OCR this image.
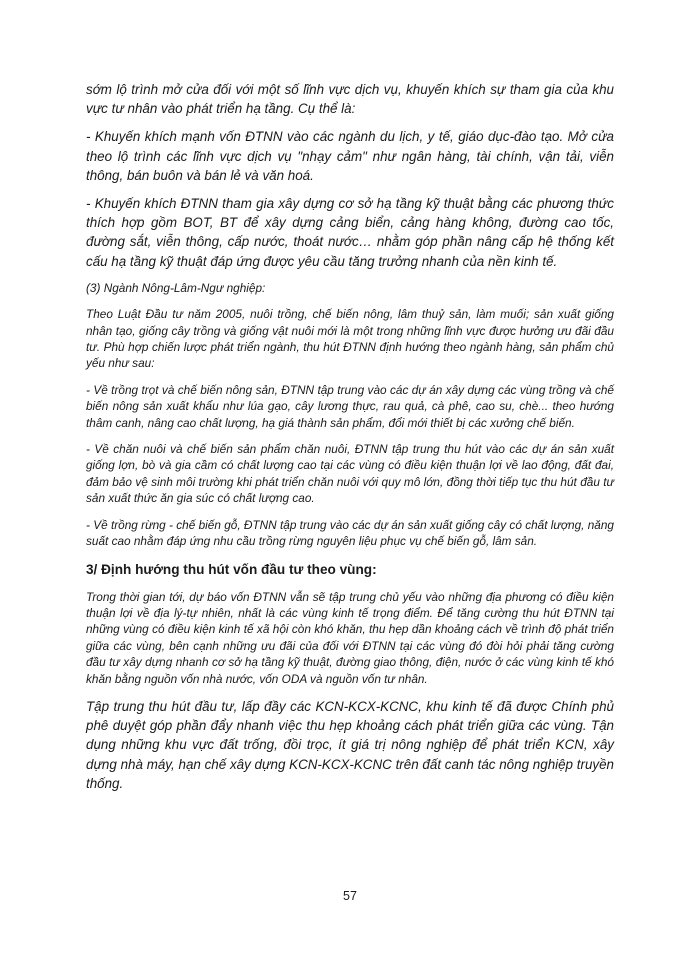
sớm lộ trình mở cửa đối với một số lĩnh vực dịch vụ, khuyến khích sự tham gia của khu vực tư nhân vào phát triển hạ tầng. Cụ thể là:

- Khuyến khích mạnh vốn ĐTNN vào các ngành du lịch, y tế, giáo dục-đào tạo. Mở cửa theo lộ trình các lĩnh vực dịch vụ "nhạy cảm" như ngân hàng, tài chính, vận tải, viễn thông, bán buôn và bán lẻ và văn hoá.

- Khuyến khích ĐTNN tham gia xây dựng cơ sở hạ tầng kỹ thuật bằng các phương thức thích hợp gồm BOT, BT để xây dựng cảng biển, cảng hàng không, đường cao tốc, đường sắt, viễn thông, cấp nước, thoát nước… nhằm góp phần nâng cấp hệ thống kết cấu hạ tầng kỹ thuật đáp ứng được yêu cầu tăng trưởng nhanh của nền kinh tế.

(3) Ngành Nông-Lâm-Ngư nghiệp:

Theo Luật Đầu tư năm 2005, nuôi trồng, chế biến nông, lâm thuỷ sản, làm muối; sản xuất giống nhân tạo, giống cây trồng và giống vật nuôi mới là một trong những lĩnh vực được hưởng ưu đãi đầu tư. Phù hợp chiến lược phát triển ngành, thu hút ĐTNN định hướng theo ngành hàng, sản phẩm chủ yếu như sau:

- Về trồng trọt và chế biến nông sản, ĐTNN tập trung vào các dự án xây dựng các vùng trồng và chế biến nông sản xuất khẩu như lúa gạo, cây lương thực, rau quả, cà phê, cao su, chè... theo hướng thâm canh, nâng cao chất lượng, hạ giá thành sản phẩm, đổi mới thiết bị các xưởng chế biến.

- Về chăn nuôi và chế biến sản phẩm chăn nuôi, ĐTNN tập trung thu hút vào các dự án sản xuất giống lợn, bò và gia cầm có chất lượng cao tại các vùng có điều kiện thuận lợi về lao động, đất đai, đảm bảo vệ sinh môi trường khi phát triển chăn nuôi với quy mô lớn, đồng thời tiếp tục thu hút đầu tư sản xuất thức ăn gia súc có chất lượng cao.

- Về trồng rừng - chế biến gỗ, ĐTNN tập trung vào các dự án sản xuất giống cây có chất lượng, năng suất cao nhằm đáp ứng nhu cầu trồng rừng nguyên liệu phục vụ chế biến gỗ, lâm sản.

3/ Định hướng thu hút vốn đầu tư theo vùng:

Trong thời gian tới, dự báo vốn ĐTNN vẫn sẽ tập trung chủ yếu vào những địa phương có điều kiện thuận lợi về địa lý-tự nhiên, nhất là các vùng kinh tế trọng điểm. Để tăng cường thu hút ĐTNN tại những vùng có điều kiện kinh tế xã hội còn khó khăn, thu hẹp dần khoảng cách về trình độ phát triển giữa các vùng, bên cạnh những ưu đãi của đối với ĐTNN tại các vùng đó đòi hỏi phải tăng cường đầu tư xây dựng nhanh cơ sở hạ tầng kỹ thuật, đường giao thông, điện, nước ở các vùng kinh tế khó khăn bằng nguồn vốn nhà nước, vốn ODA và nguồn vốn tư nhân.

Tập trung thu hút đầu tư, lấp đầy các KCN-KCX-KCNC, khu kinh tế đã được Chính phủ phê duyệt góp phần đẩy nhanh việc thu hẹp khoảng cách phát triển giữa các vùng. Tận dụng những khu vực đất trống, đồi trọc, ít giá trị nông nghiệp để phát triển KCN, xây dựng nhà máy, hạn chế xây dựng KCN-KCX-KCNC trên đất canh tác nông nghiệp truyền thống.

57
